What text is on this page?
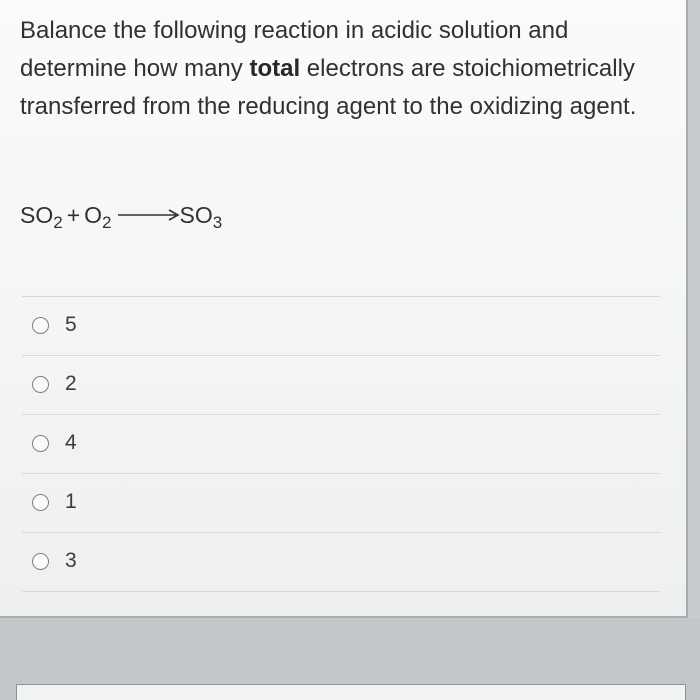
Balance the following reaction in acidic solution and determine how many total electrons are stoichiometrically transferred from the reducing agent to the oxidizing agent.

$SO_2 + O_2 \to SO_3$
5
2
4
1
3
